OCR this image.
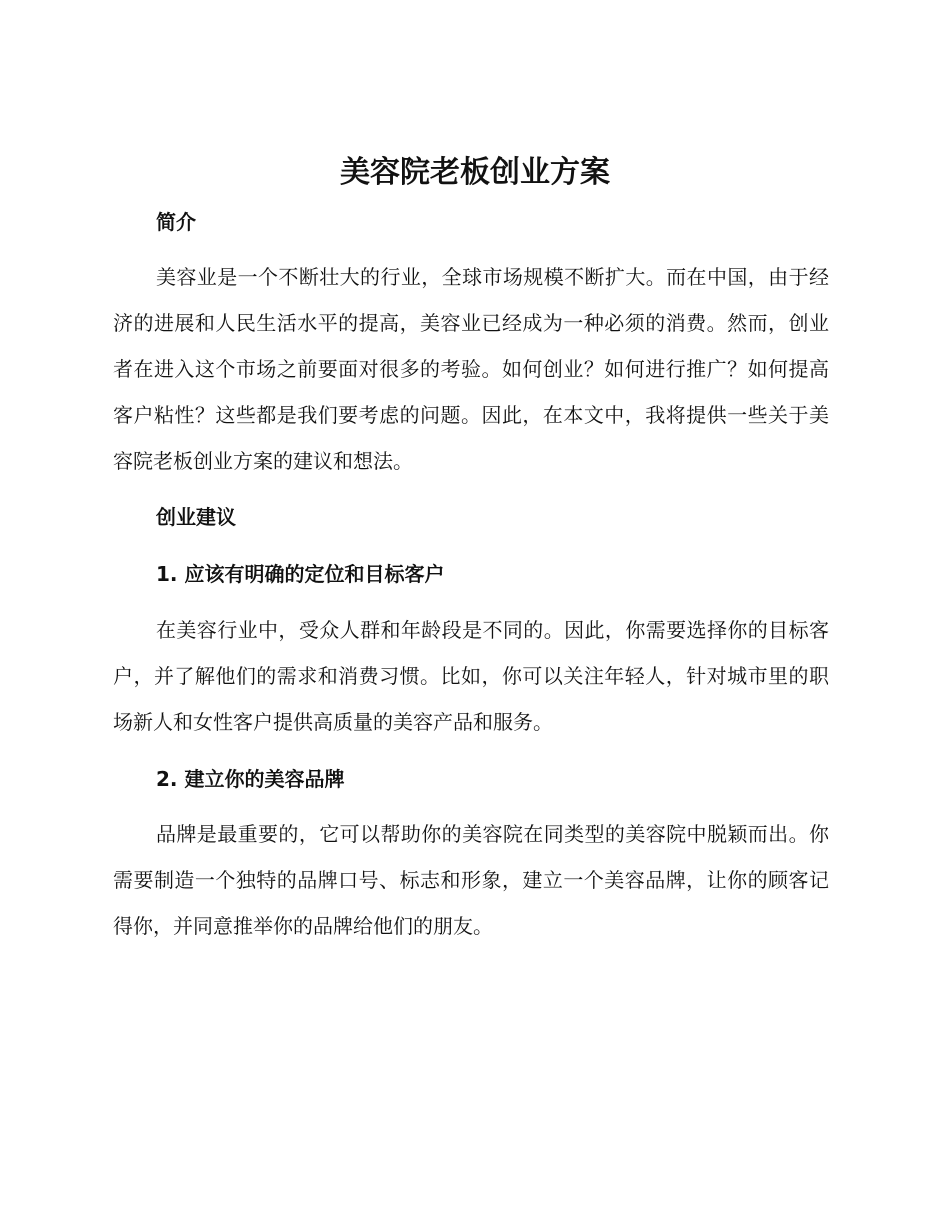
美容院老板创业方案
简介

美容业是一个不断壮大的行业，全球市场规模不断扩大。而在中国，由于经济的进展和人民生活水平的提高，美容业已经成为一种必须的消费。然而，创业者在进入这个市场之前要面对很多的考验。如何创业？如何进行推广？如何提高客户粘性？这些都是我们要考虑的问题。因此，在本文中，我将提供一些关于美容院老板创业方案的建议和想法。

创业建议
1. 应该有明确的定位和目标客户

在美容行业中，受众人群和年龄段是不同的。因此，你需要选择你的目标客户，并了解他们的需求和消费习惯。比如，你可以关注年轻人，针对城市里的职场新人和女性客户提供高质量的美容产品和服务。

2. 建立你的美容品牌

品牌是最重要的，它可以帮助你的美容院在同类型的美容院中脱颖而出。你需要制造一个独特的品牌口号、标志和形象，建立一个美容品牌，让你的顾客记得你，并同意推举你的品牌给他们的朋友。
